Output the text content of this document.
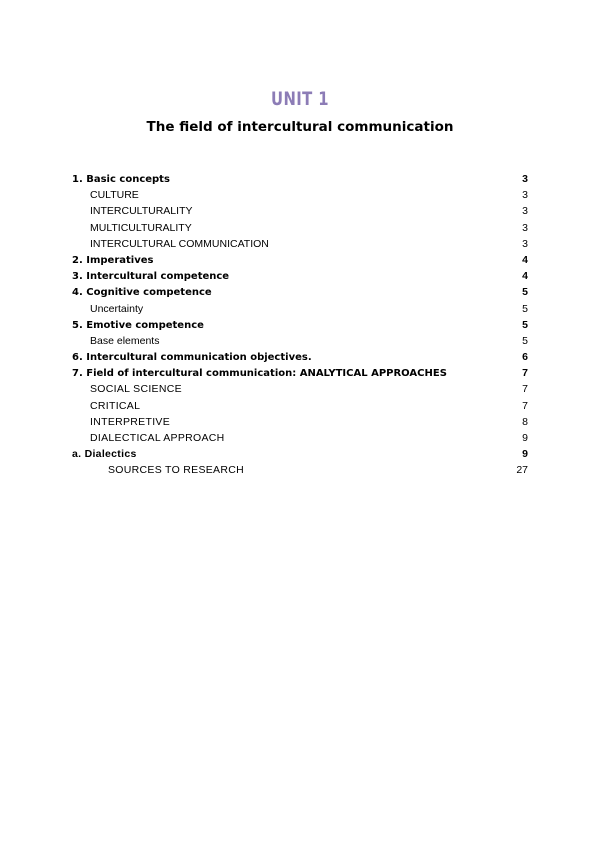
UNIT 1
The field of intercultural communication
1. Basic concepts	3
CULTURE	3
INTERCULTURALITY	3
MULTICULTURALITY	3
INTERCULTURAL COMMUNICATION	3
2. Imperatives	4
3. Intercultural competence	4
4. Cognitive competence	5
Uncertainty	5
5. Emotive competence	5
Base elements	5
6. Intercultural communication objectives.	6
7. Field of intercultural communication: ANALYTICAL APPROACHES	7
SOCIAL SCIENCE	7
CRITICAL	7
INTERPRETIVE	8
DIALECTICAL APPROACH	9
a. Dialectics	9
SOURCES TO RESEARCH	27
